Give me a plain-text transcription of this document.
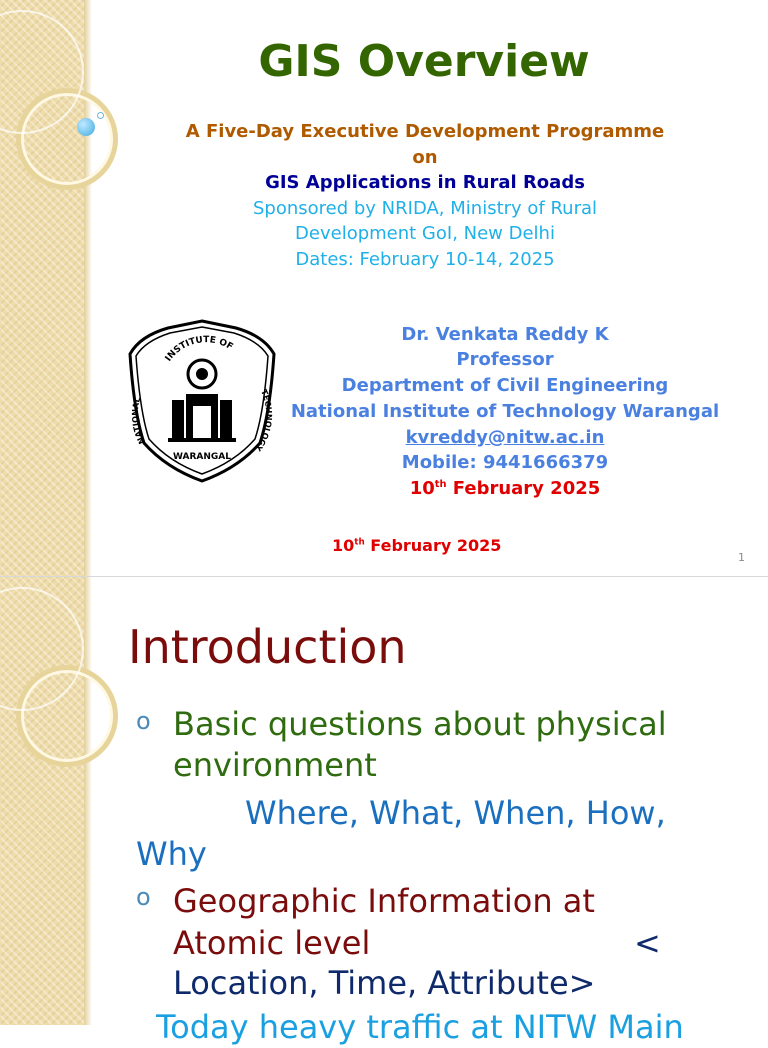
GIS Overview

A Five-Day Executive Development Programme

on

GIS Applications in Rural Roads

Sponsored by NRIDA, Ministry of Rural

Development GoI, New Delhi

Dates: February 10-14, 2025

INSTITUTE OF
NATIONAL
TECHNOLOGY
WARANGAL

Dr. Venkata Reddy K

Professor

Department of Civil Engineering

National Institute of Technology Warangal

kvreddy@nitw.ac.in

Mobile: 9441666379

10th February 2025

10th February 2025

1

Introduction

o Basic questions about physical

environment

Where, What, When, How,

Why

o Geographic Information at

Atomic level	<

Location, Time, Attribute>

Today heavy traffic at NITW Main
